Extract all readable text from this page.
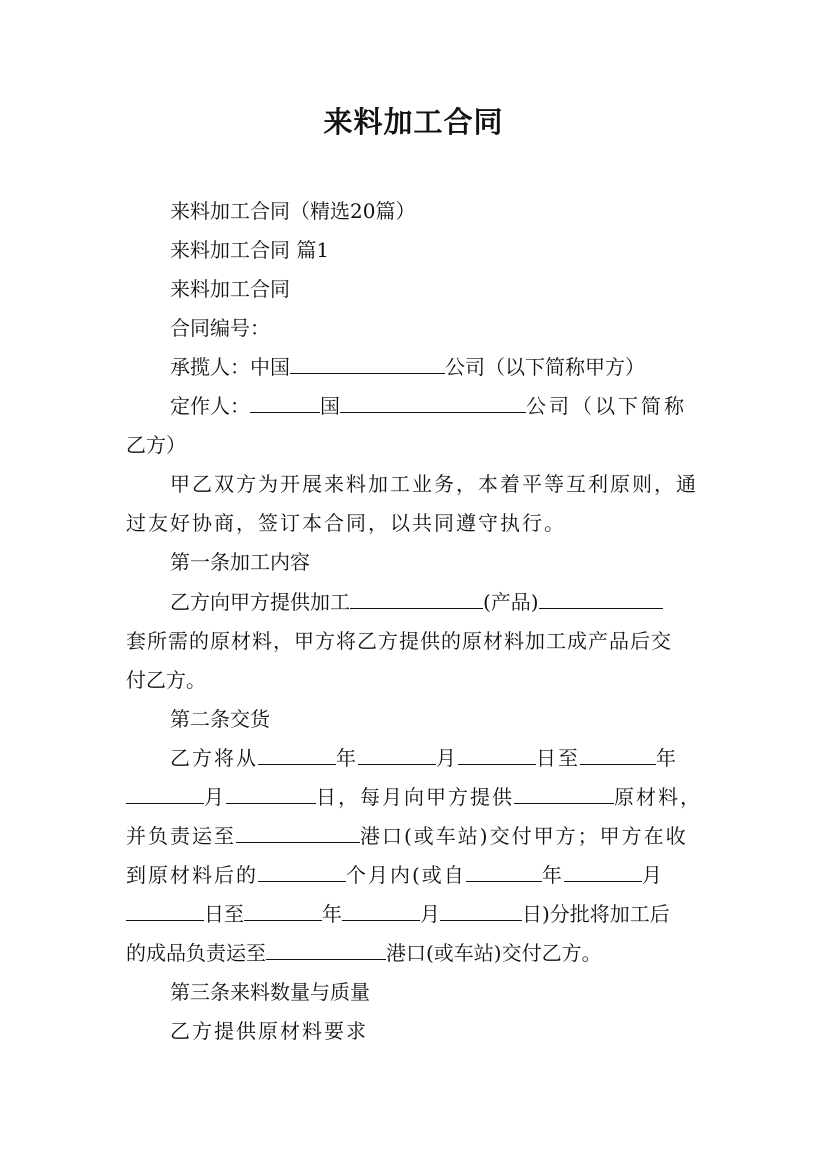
来料加工合同
来料加工合同（精选20篇）
来料加工合同 篇1
来料加工合同
合同编号：
承揽人：中国	公司（以下简称甲方）
定作人：	国	公司（以下简称
乙方）
甲乙双方为开展来料加工业务，本着平等互利原则，通
过友好协商，签订本合同，以共同遵守执行。
第一条加工内容
乙方向甲方提供加工	(产品)
套所需的原材料，甲方将乙方提供的原材料加工成产品后交
付乙方。
第二条交货
乙方将从	年	月	日至	年
月	日，每月向甲方提供	原材料，
并负责运至	港口(或车站)交付甲方；甲方在收
到原材料后的	个月内(或自	年	月
日至	年	月	日)分批将加工后
的成品负责运至	港口(或车站)交付乙方。
第三条来料数量与质量
乙方提供原材料要求
